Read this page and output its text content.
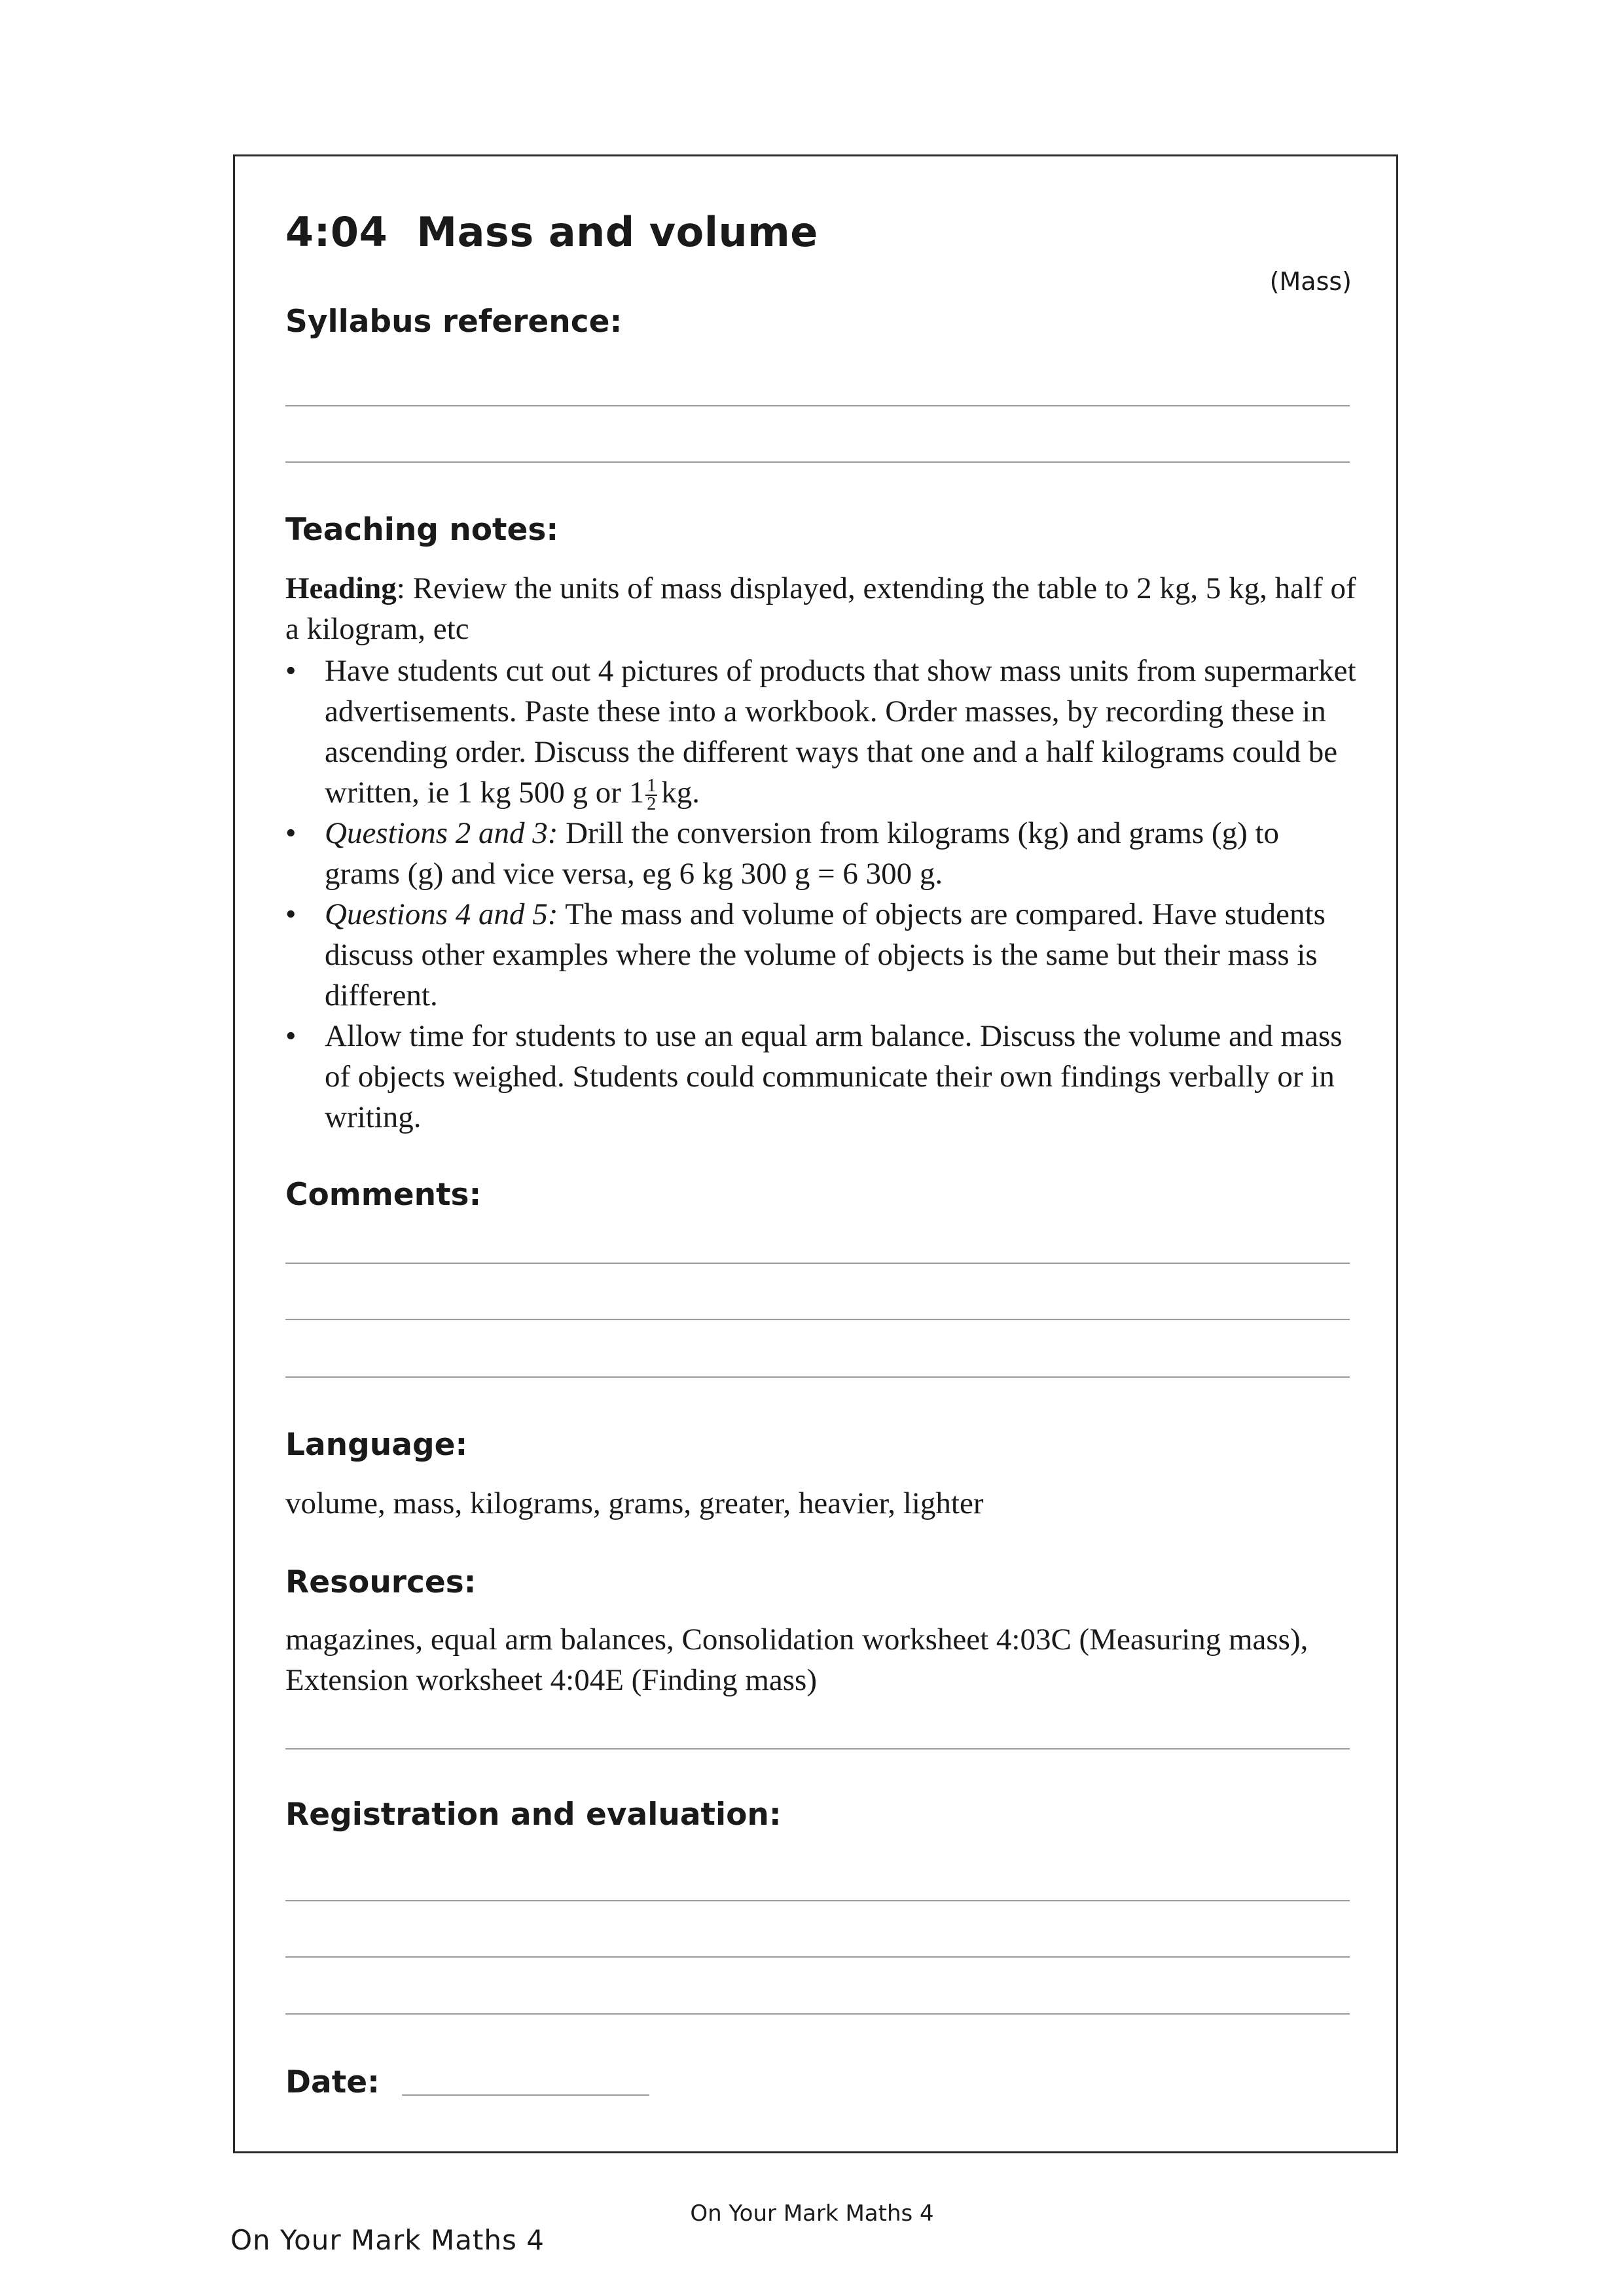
4:04 Mass and volume
(Mass)
Syllabus reference:
Teaching notes:
Heading: Review the units of mass displayed, extending the table to 2 kg, 5 kg, half of a kilogram, etc
• Have students cut out 4 pictures of products that show mass units from supermarket advertisements. Paste these into a workbook. Order masses, by recording these in ascending order. Discuss the different ways that one and a half kilograms could be written, ie 1 kg 500 g or $1 \frac{1}{2}$ kg.
• Questions 2 and 3: Drill the conversion from kilograms (kg) and grams (g) to grams (g) and vice versa, eg 6 kg 300 g = 6 300 g.
• Questions 4 and 5: The mass and volume of objects are compared. Have students discuss other examples where the volume of objects is the same but their mass is different.
• Allow time for students to use an equal arm balance. Discuss the volume and mass of objects weighed. Students could communicate their own findings verbally or in writing.
Comments:
Language:
volume, mass, kilograms, grams, greater, heavier, lighter
Resources:
magazines, equal arm balances, Consolidation worksheet 4:03C (Measuring mass), Extension worksheet 4:04E (Finding mass)
Registration and evaluation:
Date:
On Your Mark Maths 4
On Your Mark Maths 4
